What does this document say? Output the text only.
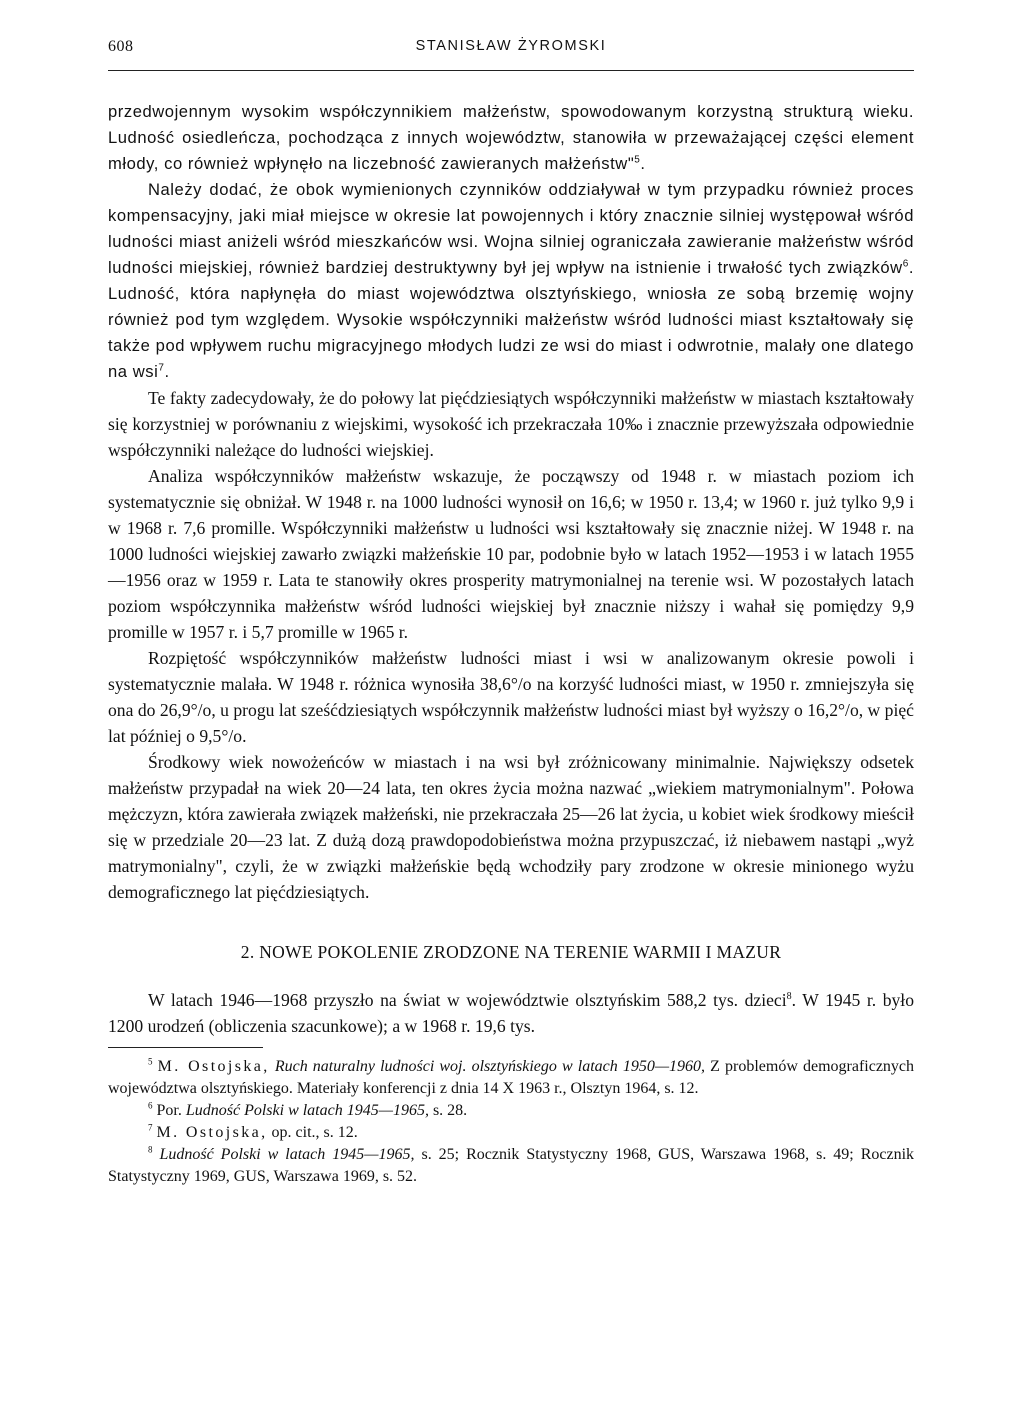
608	STANISŁAW ŻYROMSKI

przedwojennym wysokim współczynnikiem małżeństw, spowodowanym korzystną strukturą wieku. Ludność osiedleńcza, pochodząca z innych województw, stanowiła w przeważającej części element młody, co również wpłynęło na liczebność zawieranych małżeństw"$^5$.

Należy dodać, że obok wymienionych czynników oddziaływał w tym przypadku również proces kompensacyjny, jaki miał miejsce w okresie lat powojennych i który znacznie silniej występował wśród ludności miast aniżeli wśród mieszkańców wsi. Wojna silniej ograniczała zawieranie małżeństw wśród ludności miejskiej, również bardziej destruktywny był jej wpływ na istnienie i trwałość tych związków$^6$. Ludność, która napłynęła do miast województwa olsztyńskiego, wniosła ze sobą brzemię wojny również pod tym względem. Wysokie współczynniki małżeństw wśród ludności miast kształtowały się także pod wpływem ruchu migracyjnego młodych ludzi ze wsi do miast i odwrotnie, malały one dlatego na wsi$^7$.

Te fakty zadecydowały, że do połowy lat pięćdziesiątych współczynniki małżeństw w miastach kształtowały się korzystniej w porównaniu z wiejskimi, wysokość ich przekraczała 10‰ i znacznie przewyższała odpowiednie współczynniki należące do ludności wiejskiej.

Analiza współczynników małżeństw wskazuje, że począwszy od 1948 r. w miastach poziom ich systematycznie się obniżał. W 1948 r. na 1000 ludności wynosił on 16,6; w 1950 r. 13,4; w 1960 r. już tylko 9,9 i w 1968 r. 7,6 promille. Współczynniki małżeństw u ludności wsi kształtowały się znacznie niżej. W 1948 r. na 1000 ludności wiejskiej zawarło związki małżeńskie 10 par, podobnie było w latach 1952—1953 i w latach 1955—1956 oraz w 1959 r. Lata te stanowiły okres prosperity matrymonialnej na terenie wsi. W pozostałych latach poziom współczynnika małżeństw wśród ludności wiejskiej był znacznie niższy i wahał się pomiędzy 9,9 promille w 1957 r. i 5,7 promille w 1965 r.

Rozpiętość współczynników małżeństw ludności miast i wsi w analizowanym okresie powoli i systematycznie malała. W 1948 r. różnica wynosiła 38,6°/o na korzyść ludności miast, w 1950 r. zmniejszyła się ona do 26,9°/o, u progu lat sześćdziesiątych współczynnik małżeństw ludności miast był wyższy o 16,2°/o, w pięć lat później o 9,5°/o.

Środkowy wiek nowożeńców w miastach i na wsi był zróżnicowany minimalnie. Największy odsetek małżeństw przypadał na wiek 20—24 lata, ten okres życia można nazwać „wiekiem matrymonialnym". Połowa mężczyzn, która zawierała związek małżeński, nie przekraczała 25—26 lat życia, u kobiet wiek środkowy mieścił się w przedziale 20—23 lat. Z dużą dozą prawdopodobieństwa można przypuszczać, iż niebawem nastąpi „wyż matrymonialny", czyli, że w związki małżeńskie będą wchodziły pary zrodzone w okresie minionego wyżu demograficznego lat pięćdziesiątych.

2. NOWE POKOLENIE ZRODZONE NA TERENIE WARMII I MAZUR

W latach 1946—1968 przyszło na świat w województwie olsztyńskim 588,2 tys. dzieci$^8$. W 1945 r. było 1200 urodzeń (obliczenia szacunkowe); a w 1968 r. 19,6 tys.

$^5$ M. Ostojska, Ruch naturalny ludności woj. olsztyńskiego w latach 1950—1960, Z problemów demograficznych województwa olsztyńskiego. Materiały konferencji z dnia 14 X 1963 r., Olsztyn 1964, s. 12.

$^6$ Por. Ludność Polski w latach 1945—1965, s. 28.

$^7$ M. Ostojska, op. cit., s. 12.

$^8$ Ludność Polski w latach 1945—1965, s. 25; Rocznik Statystyczny 1968, GUS, Warszawa 1968, s. 49; Rocznik Statystyczny 1969, GUS, Warszawa 1969, s. 52.
